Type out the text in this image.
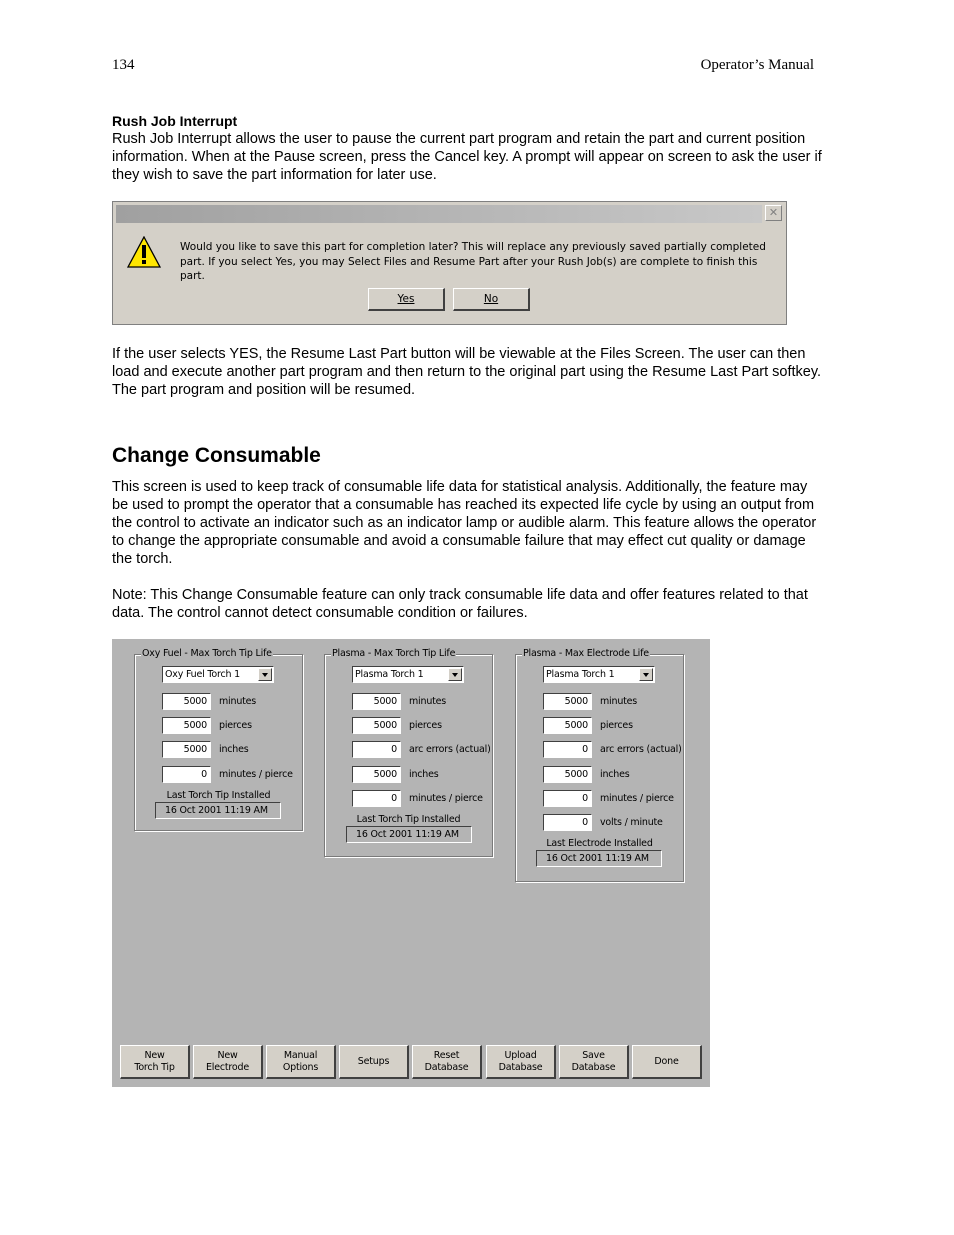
134	Operator’s Manual
Rush Job Interrupt

Rush Job Interrupt allows the user to pause the current part program and retain the part and current position information. When at the Pause screen, press the Cancel key. A prompt will appear on screen to ask the user if they wish to save the part information for later use.

✕

Would you like to save this part for completion later? This will replace any previously saved partially completed part. If you select Yes, you may Select Files and Resume Part after your Rush Job(s) are complete to finish this part.

Yes	No

If the user selects YES, the Resume Last Part button will be viewable at the Files Screen. The user can then load and execute another part program and then return to the original part using the Resume Last Part softkey. The part program and position will be resumed.

Change Consumable

This screen is used to keep track of consumable life data for statistical analysis. Additionally, the feature may be used to prompt the operator that a consumable has reached its expected life cycle by using an output from the control to activate an indicator such as an indicator lamp or audible alarm. This feature allows the operator to change the appropriate consumable and avoid a consumable failure that may effect cut quality or damage the torch.

Note: This Change Consumable feature can only track consumable life data and offer features related to that data. The control cannot detect consumable condition or failures.

Oxy Fuel - Max Torch Tip Life
Oxy Fuel Torch 1
5000	minutes
5000	pierces
5000	inches
0	minutes / pierce
Last Torch Tip Installed
16 Oct 2001 11:19 AM
Plasma - Max Torch Tip Life
Plasma Torch 1
5000	minutes
5000	pierces
0	arc errors (actual)
5000	inches
0	minutes / pierce
Last Torch Tip Installed
16 Oct 2001 11:19 AM
Plasma - Max Electrode Life
Plasma Torch 1
5000	minutes
5000	pierces
0	arc errors (actual)
5000	inches
0	minutes / pierce
0	volts / minute
Last Electrode Installed
16 Oct 2001 11:19 AM
New
Torch Tip
New
Electrode
Manual
Options
Setups
Reset
Database
Upload
Database
Save
Database
Done
